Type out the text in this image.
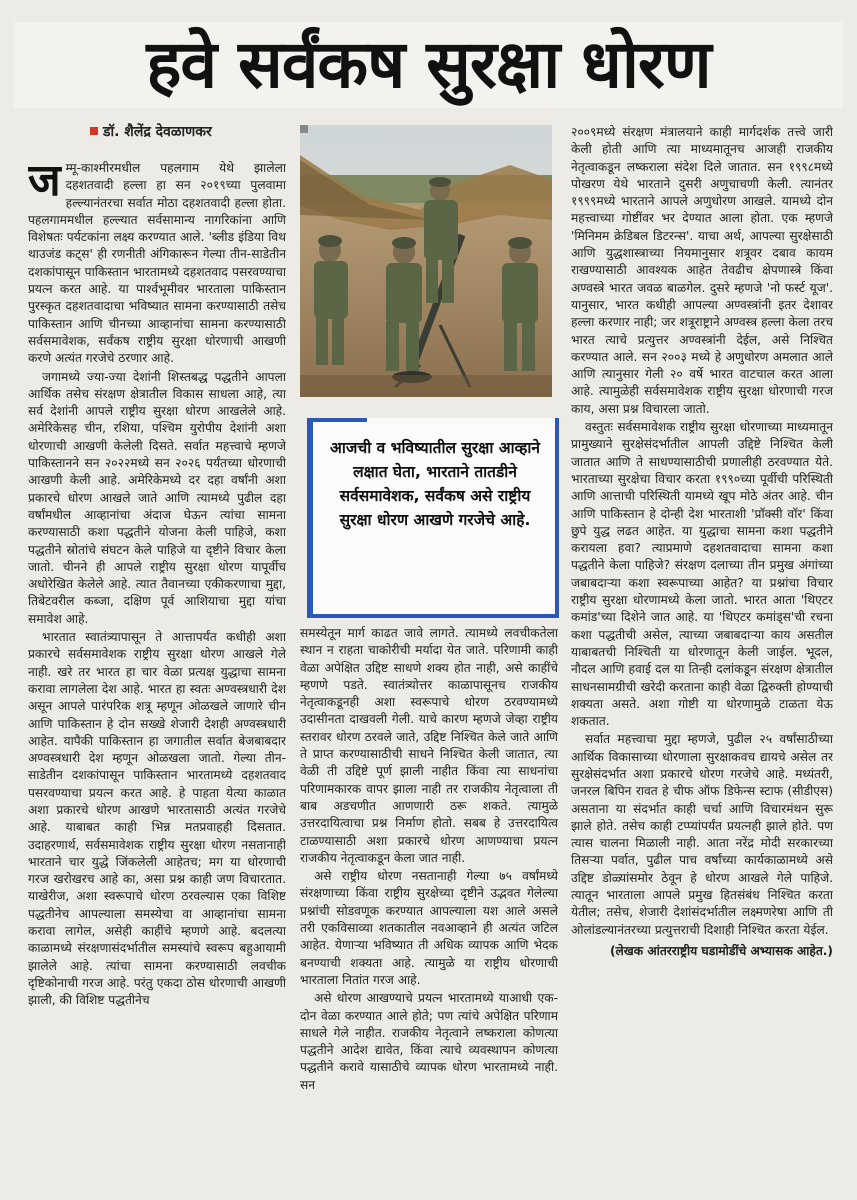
हवे सर्वंकष सुरक्षा धोरण
डॉ. शैलेंद्र देवळाणकर

जम्मू-काश्मीरमधील पहलगाम येथे झालेला दहशतवादी हल्ला हा सन २०१९च्या पुलवामा हल्ल्यानंतरचा सर्वात मोठा दहशतवादी हल्ला होता. पहलगाममधील हल्ल्यात सर्वसामान्य नागरिकांना आणि विशेषतः पर्यटकांना लक्ष्य करण्यात आले. 'ब्लीड इंडिया विथ थाउजंड कट्स' ही रणनीती अंगिकारून गेल्या तीन-साडेतीन दशकांपासून पाकिस्तान भारतामध्ये दहशतवाद पसरवण्याचा प्रयत्न करत आहे. या पार्श्वभूमीवर भारताला पाकिस्तान पुरस्कृत दहशतवादाचा भविष्यात सामना करण्यासाठी तसेच पाकिस्तान आणि चीनच्या आव्हानांचा सामना करण्यासाठी सर्वसमावेशक, सर्वंकष राष्ट्रीय सुरक्षा धोरणाची आखणी करणे अत्यंत गरजेचे ठरणार आहे.

जगामध्ये ज्या-ज्या देशांनी शिस्तबद्ध पद्धतीने आपला आर्थिक तसेच संरक्षण क्षेत्रातील विकास साधला आहे, त्या सर्व देशांनी आपले राष्ट्रीय सुरक्षा धोरण आखलेले आहे. अमेरिकेसह चीन, रशिया, पश्चिम युरोपीय देशांनी अशा धोरणाची आखणी केलेली दिसते. सर्वात महत्त्वाचे म्हणजे पाकिस्तानने सन २०२२मध्ये सन २०२६ पर्यंतच्या धोरणाची आखणी केली आहे. अमेरिकेमध्ये दर दहा वर्षांनी अशा प्रकारचे धोरण आखले जाते आणि त्यामध्ये पुढील दहा वर्षांमधील आव्हानांचा अंदाज घेऊन त्यांचा सामना करण्यासाठी कशा पद्धतीने योजना केली पाहिजे, कशा पद्धतीने स्रोतांचे संघटन केले पाहिजे या दृष्टीने विचार केला जातो. चीनने ही आपले राष्ट्रीय सुरक्षा धोरण यापूर्वीच अधोरेखित केलेले आहे. त्यात तैवानच्या एकीकरणाचा मुद्दा, तिबेटवरील कब्जा, दक्षिण पूर्व आशियाचा मुद्दा यांचा समावेश आहे.

भारतात स्वातंत्र्यापासून ते आत्तापर्यंत कधीही अशा प्रकारचे सर्वसमावेशक राष्ट्रीय सुरक्षा धोरण आखले गेले नाही. खरे तर भारत हा चार वेळा प्रत्यक्ष युद्धाचा सामना करावा लागलेला देश आहे. भारत हा स्वतः अण्वस्त्रधारी देश असून आपले पारंपरिक शत्रू म्हणून ओळखले जाणारे चीन आणि पाकिस्तान हे दोन सख्खे शेजारी देशही अण्वस्त्रधारी आहेत. यापैकी पाकिस्तान हा जगातील सर्वात बेजबाबदार अण्वस्त्रधारी देश म्हणून ओळखला जातो. गेल्या तीन-साडेतीन दशकांपासून पाकिस्तान भारतामध्ये दहशतवाद पसरवण्याचा प्रयत्न करत आहे. हे पाहता येत्या काळात अशा प्रकारचे धोरण आखणे भारतासाठी अत्यंत गरजेचे आहे. याबाबत काही भिन्न मतप्रवाहही दिसतात. उदाहरणार्थ, सर्वसमावेशक राष्ट्रीय सुरक्षा धोरण नसतानाही भारताने चार युद्धे जिंकलेली आहेतच; मग या धोरणाची गरज खरोखरच आहे का, असा प्रश्न काही जण विचारतात. याखेरीज, अशा स्वरूपाचे धोरण ठरवल्यास एका विशिष्ट पद्धतीनेच आपल्याला समस्येचा वा आव्हानांचा सामना करावा लागेल, असेही काहींचे म्हणणे आहे. बदलत्या काळामध्ये संरक्षणासंदर्भातील समस्यांचे स्वरूप बहुआयामी झालेले आहे. त्यांचा सामना करण्यासाठी लवचीक दृष्टिकोनाची गरज आहे. परंतु एकदा ठोस धोरणाची आखणी झाली, की विशिष्ट पद्धतीनेच

आजची व भविष्यातील सुरक्षा आव्हाने लक्षात घेता, भारताने तातडीने सर्वसमावेशक, सर्वंकष असे राष्ट्रीय सुरक्षा धोरण आखणे गरजेचे आहे.

समस्येतून मार्ग काढत जावे लागते. त्यामध्ये लवचीकतेला स्थान न राहता चाकोरीची मर्यादा येत जाते. परिणामी काही वेळा अपेक्षित उद्दिष्ट साधणे शक्य होत नाही, असे काहींचे म्हणणे पडते. स्वातंत्र्योत्तर काळापासूनच राजकीय नेतृत्वाकडूनही अशा स्वरूपाचे धोरण ठरवण्यामध्ये उदासीनता दाखवली गेली. याचे कारण म्हणजे जेव्हा राष्ट्रीय स्तरावर धोरण ठरवले जाते, उद्दिष्ट निश्चित केले जाते आणि ते प्राप्त करण्यासाठीची साधने निश्चित केली जातात, त्या वेळी ती उद्दिष्टे पूर्ण झाली नाहीत किंवा त्या साधनांचा परिणामकारक वापर झाला नाही तर राजकीय नेतृत्वाला ती बाब अडचणीत आणणारी ठरू शकते. त्यामुळे उत्तरदायित्वाचा प्रश्न निर्माण होतो. सबब हे उत्तरदायित्व टाळण्यासाठी अशा प्रकारचे धोरण आणण्याचा प्रयत्न राजकीय नेतृत्वाकडून केला जात नाही.

असे राष्ट्रीय धोरण नसतानाही गेल्या ७५ वर्षांमध्ये संरक्षणाच्या किंवा राष्ट्रीय सुरक्षेच्या दृष्टीने उद्भवत गेलेल्या प्रश्नांची सोडवणूक करण्यात आपल्याला यश आले असले तरी एकविसाव्या शतकातील नवआव्हाने ही अत्यंत जटिल आहेत. येणाऱ्या भविष्यात ती अधिक व्यापक आणि भेदक बनण्याची शक्यता आहे. त्यामुळे या राष्ट्रीय धोरणाची भारताला नितांत गरज आहे.

असे धोरण आखण्याचे प्रयत्न भारतामध्ये याआधी एक-दोन वेळा करण्यात आले होते; पण त्यांचे अपेक्षित परिणाम साधले गेले नाहीत. राजकीय नेतृत्वाने लष्कराला कोणत्या पद्धतीने आदेश द्यावेत, किंवा त्याचे व्यवस्थापन कोणत्या पद्धतीने करावे यासाठीचे व्यापक धोरण भारतामध्ये नाही. सन

२००९मध्ये संरक्षण मंत्रालयाने काही मार्गदर्शक तत्त्वे जारी केली होती आणि त्या माध्यमातूनच आजही राजकीय नेतृत्वाकडून लष्कराला संदेश दिले जातात. सन १९९८मध्ये पोखरण येथे भारताने दुसरी अणुचाचणी केली. त्यानंतर १९९९मध्ये भारताने आपले अणुधोरण आखले. यामध्ये दोन महत्त्वाच्या गोष्टींवर भर देण्यात आला होता. एक म्हणजे 'मिनिमम क्रेडिबल डिटरन्स'. याचा अर्थ, आपल्या सुरक्षेसाठी आणि युद्धशास्त्राच्या नियमानुसार शत्रूवर दबाव कायम राखण्यासाठी आवश्यक आहेत तेवढीच क्षेपणास्त्रे किंवा अण्वस्त्रे भारत जवळ बाळगेल. दुसरे म्हणजे 'नो फर्स्ट यूज'. यानुसार, भारत कधीही आपल्या अण्वस्त्रांनी इतर देशावर हल्ला करणार नाही; जर शत्रूराष्ट्राने अण्वस्त्र हल्ला केला तरच भारत त्याचे प्रत्युत्तर अण्वस्त्रांनी देईल, असे निश्चित करण्यात आले. सन २००३ मध्ये हे अणुधोरण अमलात आले आणि त्यानुसार गेली २० वर्षे भारत वाटचाल करत आला आहे. त्यामुळेही सर्वसमावेशक राष्ट्रीय सुरक्षा धोरणाची गरज काय, असा प्रश्न विचारला जातो.

वस्तुतः सर्वसमावेशक राष्ट्रीय सुरक्षा धोरणाच्या माध्यमातून प्रामुख्याने सुरक्षेसंदर्भातील आपली उद्दिष्टे निश्चित केली जातात आणि ते साधण्यासाठीची प्रणालीही ठरवण्यात येते. भारताच्या सुरक्षेचा विचार करता १९९०च्या पूर्वीची परिस्थिती आणि आत्ताची परिस्थिती यामध्ये खूप मोठे अंतर आहे. चीन आणि पाकिस्तान हे दोन्ही देश भारताशी 'प्रॉक्सी वॉर' किंवा छुपे युद्ध लढत आहेत. या युद्धाचा सामना कशा पद्धतीने करायला हवा? त्याप्रमाणे दहशतवादाचा सामना कशा पद्धतीने केला पाहिजे? संरक्षण दलाच्या तीन प्रमुख अंगांच्या जबाबदाऱ्या कशा स्वरूपाच्या आहेत? या प्रश्नांचा विचार राष्ट्रीय सुरक्षा धोरणामध्ये केला जातो. भारत आता 'थिएटर कमांड'च्या दिशेने जात आहे. या 'थिएटर कमांड्स'ची रचना कशा पद्धतीची असेल, त्याच्या जबाबदाऱ्या काय असतील याबाबतची निश्चिती या धोरणातून केली जाईल. भूदल, नौदल आणि हवाई दल या तिन्ही दलांकडून संरक्षण क्षेत्रातील साधनसामग्रीची खरेदी करताना काही वेळा द्विरुक्ती होण्याची शक्यता असते. अशा गोष्टी या धोरणामुळे टाळता येऊ शकतात.

सर्वात महत्त्वाचा मुद्दा म्हणजे, पुढील २५ वर्षांसाठीच्या आर्थिक विकासाच्या धोरणाला सुरक्षाकवच द्यायचे असेल तर सुरक्षेसंदर्भात अशा प्रकारचे धोरण गरजेचे आहे. मध्यंतरी, जनरल बिपिन रावत हे चीफ ऑफ डिफेन्स स्टाफ (सीडीएस) असताना या संदर्भात काही चर्चा आणि विचारमंथन सुरू झाले होते. तसेच काही टप्प्यांपर्यंत प्रयत्नही झाले होते. पण त्यास चालना मिळाली नाही. आता नरेंद्र मोदी सरकारच्या तिसऱ्या पर्वात, पुढील पाच वर्षांच्या कार्यकाळामध्ये असे उद्दिष्ट डोळ्यांसमोर ठेवून हे धोरण आखले गेले पाहिजे. त्यातून भारताला आपले प्रमुख हितसंबंध निश्चित करता येतील; तसेच, शेजारी देशांसंदर्भातील लक्ष्मणरेषा आणि ती ओलांडल्यानंतरच्या प्रत्युत्तराची दिशाही निश्चित करता येईल.

(लेखक आंतरराष्ट्रीय घडामोडींचे अभ्यासक आहेत.)
